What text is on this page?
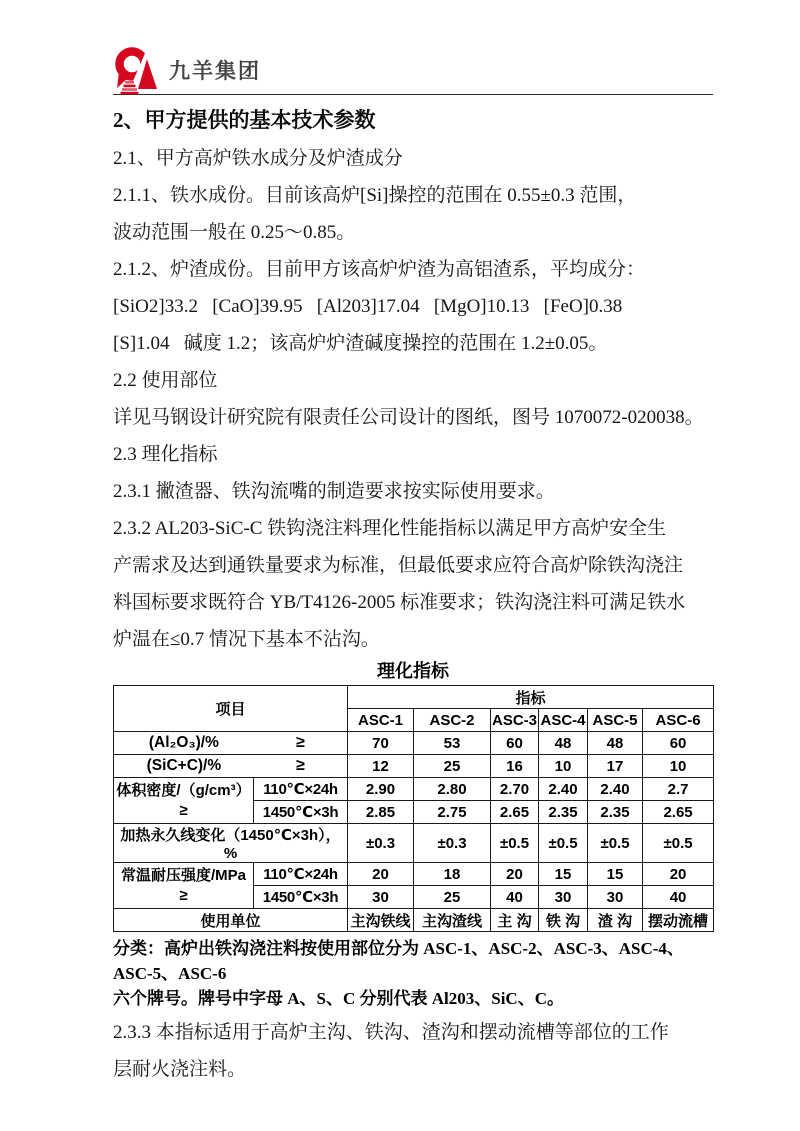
九羊集团
2、甲方提供的基本技术参数
2.1、甲方高炉铁水成分及炉渣成分
2.1.1、铁水成份。目前该高炉[Si]操控的范围在 0.55±0.3 范围，
波动范围一般在 0.25～0.85。
2.1.2、炉渣成份。目前甲方该高炉炉渣为高铝渣系，平均成分：
[SiO2]33.2   [CaO]39.95   [Al203]17.04   [MgO]10.13   [FeO]0.38
[S]1.04   碱度 1.2；该高炉炉渣碱度操控的范围在 1.2±0.05。
2.2 使用部位
详见马钢设计研究院有限责任公司设计的图纸，图号 1070072-020038。
2.3 理化指标
2.3.1 撇渣器、铁沟流嘴的制造要求按实际使用要求。
2.3.2 AL203-SiC-C 铁钩浇注料理化性能指标以满足甲方高炉安全生
产需求及达到通铁量要求为标准，但最低要求应符合高炉除铁沟浇注
料国标要求既符合 YB/T4126-2005 标准要求；铁沟浇注料可满足铁水
炉温在≤0.7 情况下基本不沾沟。
理化指标
项目		指标					
		ASC-1	ASC-2	ASC-3	ASC-4	ASC-5	ASC-6

(Al₂O₃)/% ≥		70	53	60	48	48	60

(SiC+C)/% ≥		12	25	16	10	17	10

体积密度/（g/cm³）
≥	110℃×24h	2.90	2.80	2.70	2.40	2.40	2.7
	1450℃×3h	2.85	2.75	2.65	2.35	2.35	2.65
加热永久线变化（1450℃×3h），%		±0.3	±0.3	±0.5	±0.5	±0.5	±0.5

常温耐压强度/MPa
≥	110℃×24h	20	18	20	15	15	20
	1450℃×3h	30	25	40	30	30	40
使用单位		主沟铁线	主沟渣线	主 沟	铁 沟	渣 沟	摆动流槽
分类：高炉出铁沟浇注料按使用部位分为 ASC-1、ASC-2、ASC-3、ASC-4、ASC-5、ASC-6
六个牌号。牌号中字母 A、S、C 分别代表 Al203、SiC、C。
2.3.3 本指标适用于高炉主沟、铁沟、渣沟和摆动流槽等部位的工作
层耐火浇注料。
